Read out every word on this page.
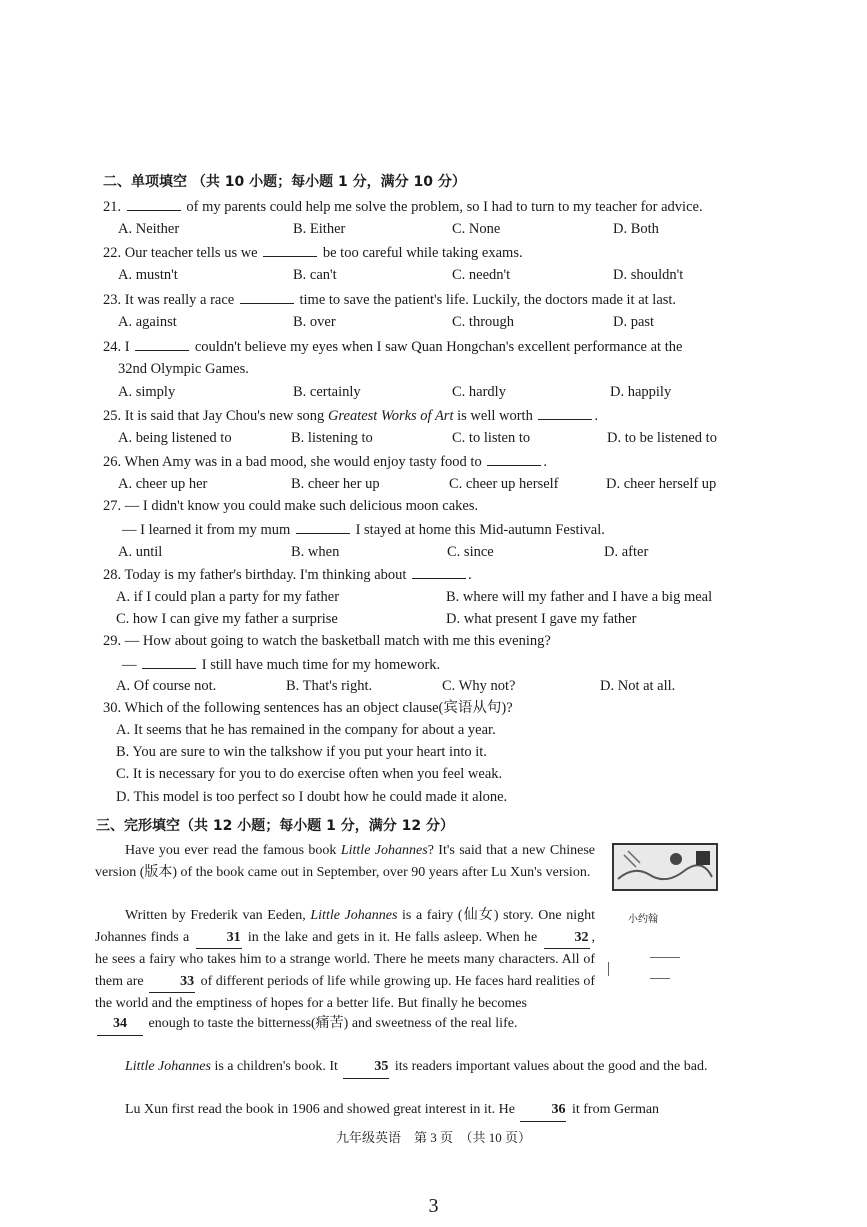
二、单项填空 （共 10 小题；每小题 1 分，满分 10 分）
21.	of my parents could help me solve the problem, so I had to turn to my teacher for advice.
A. Neither	B. Either	C. None	D. Both
22. Our teacher tells us we	be too careful while taking exams.
A. mustn't	B. can't	C. needn't	D. shouldn't
23. It was really a race	time to save the patient's life. Luckily, the doctors made it at last.
A. against	B. over	C. through	D. past
24. I	couldn't believe my eyes when I saw Quan Hongchan's excellent performance at the
32nd Olympic Games.
A. simply	B. certainly	C. hardly	D. happily
25. It is said that Jay Chou's new song Greatest Works of Art is well worth	.
A. being listened to	B. listening to	C. to listen to	D. to be listened to
26. When Amy was in a bad mood, she would enjoy tasty food to	.
A. cheer up her	B. cheer her up	C. cheer up herself	D. cheer herself up
27. — I didn't know you could make such delicious moon cakes.
— I learned it from my mum	I stayed at home this Mid-autumn Festival.
A. until	B. when	C. since	D. after
28. Today is my father's birthday. I'm thinking about	.
A. if I could plan a party for my father	B. where will my father and I have a big meal
C. how I can give my father a surprise	D. what present I gave my father
29. — How about going to watch the basketball match with me this evening?
—	I still have much time for my homework.
A. Of course not.	B. That's right.	C. Why not?	D. Not at all.
30. Which of the following sentences has an object clause(宾语从句)?
A. It seems that he has remained in the company for about a year.
B. You are sure to win the talkshow if you put your heart into it.
C. It is necessary for you to do exercise often when you feel weak.
D. This model is too perfect so I doubt how he could made it alone.
三、完形填空（共 12 小题；每小题 1 分，满分 12 分）
Have you ever read the famous book Little Johannes? It's said that a new Chinese version (版本) of the book came out in September, over 90 years after Lu Xun's version.
Written by Frederik van Eeden, Little Johannes is a fairy (仙女) story. One night Johannes finds a	31 in the lake and gets in it. He falls asleep. When he	32 , he sees a fairy who takes him to a strange world. There he meets many characters. All of them are	33 of different periods of life while growing up. He faces hard realities of the world and the emptiness of hopes for a better life. But finally he becomes
34 enough to taste the bitterness(痛苦) and sweetness of the real life.
Little Johannes is a children's book. It	35 its readers important values about the good and the bad.
Lu Xun first read the book in 1906 and showed great interest in it. He	36 it from German
小约翰
九年级英语　第 3 页　（共 10 页）
3
